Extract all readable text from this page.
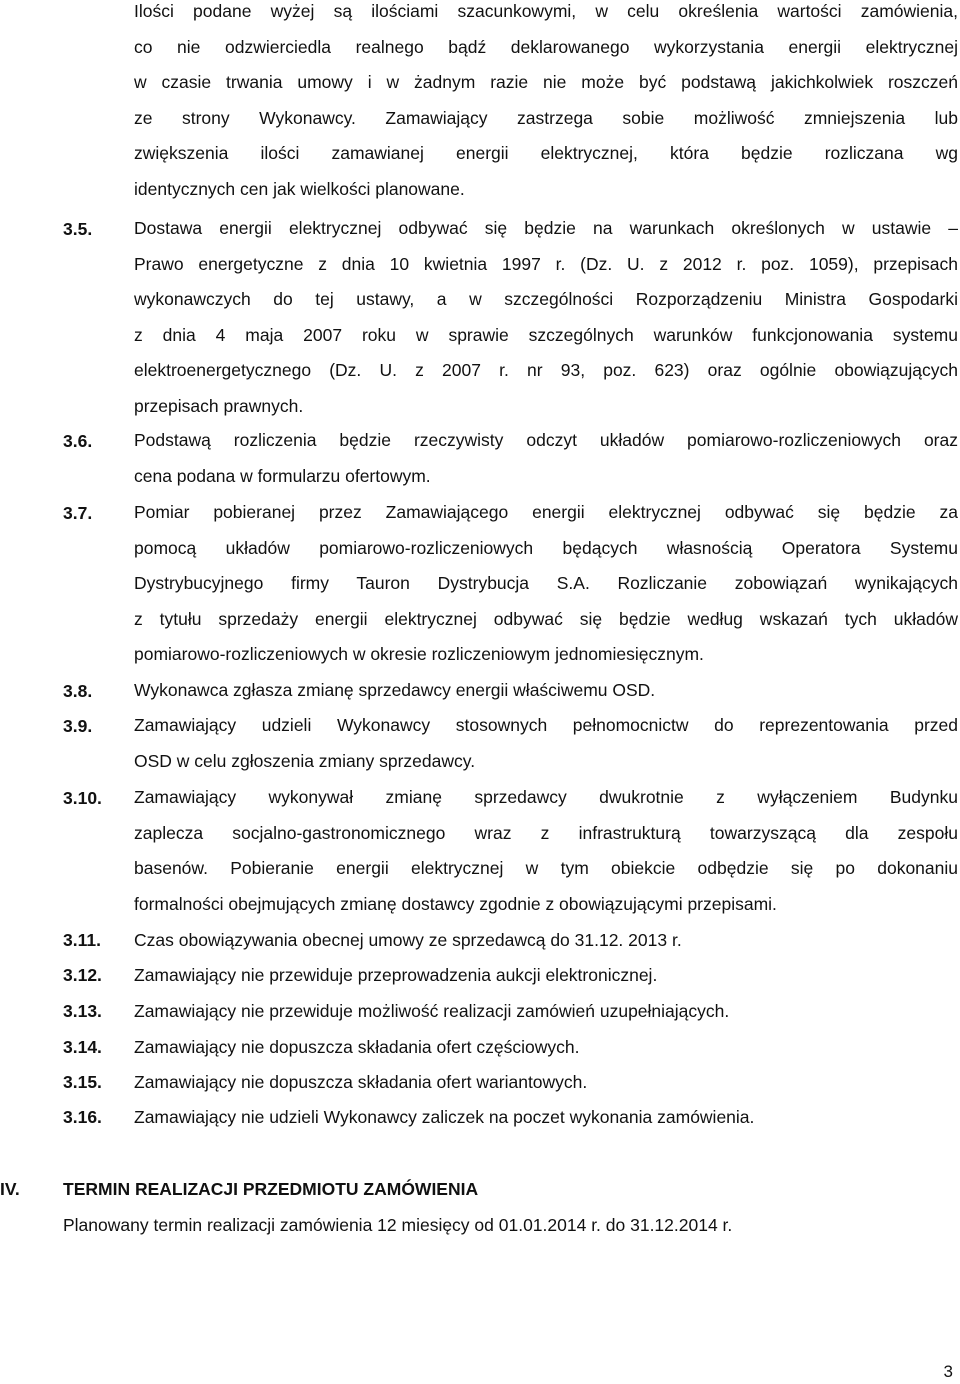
Ilości podane wyżej są ilościami szacunkowymi, w celu określenia wartości zamówienia,
co nie odzwierciedla realnego bądź deklarowanego wykorzystania energii elektrycznej
w czasie trwania umowy i w żadnym razie nie może być podstawą jakichkolwiek roszczeń
ze strony Wykonawcy. Zamawiający zastrzega sobie możliwość zmniejszenia lub
zwiększenia ilości zamawianej energii elektrycznej, która będzie rozliczana wg
identycznych cen jak wielkości planowane.
3.5. Dostawa energii elektrycznej odbywać się będzie na warunkach określonych w ustawie –
Prawo energetyczne z dnia 10 kwietnia 1997 r. (Dz. U. z 2012 r. poz. 1059), przepisach
wykonawczych do tej ustawy, a w szczególności Rozporządzeniu Ministra Gospodarki
z dnia 4 maja 2007 roku w sprawie szczególnych warunków funkcjonowania systemu
elektroenergetycznego (Dz. U. z 2007 r. nr 93, poz. 623) oraz ogólnie obowiązujących
przepisach prawnych.
3.6. Podstawą rozliczenia będzie rzeczywisty odczyt układów pomiarowo-rozliczeniowych oraz
cena podana w formularzu ofertowym.
3.7. Pomiar pobieranej przez Zamawiającego energii elektrycznej odbywać się będzie za
pomocą układów pomiarowo-rozliczeniowych będących własnością Operatora Systemu
Dystrybucyjnego firmy Tauron Dystrybucja S.A. Rozliczanie zobowiązań wynikających
z tytułu sprzedaży energii elektrycznej odbywać się będzie według wskazań tych układów
pomiarowo-rozliczeniowych w okresie rozliczeniowym jednomiesięcznym.
3.8. Wykonawca zgłasza zmianę sprzedawcy energii właściwemu OSD.
3.9. Zamawiający udzieli Wykonawcy stosownych pełnomocnictw do reprezentowania przed
OSD w celu zgłoszenia zmiany sprzedawcy.
3.10. Zamawiający wykonywał zmianę sprzedawcy dwukrotnie z wyłączeniem Budynku
zaplecza socjalno-gastronomicznego wraz z infrastrukturą towarzyszącą dla zespołu
basenów. Pobieranie energii elektrycznej w tym obiekcie odbędzie się po dokonaniu
formalności obejmujących zmianę dostawcy zgodnie z obowiązującymi przepisami.
3.11. Czas obowiązywania obecnej umowy ze sprzedawcą do 31.12. 2013 r.
3.12. Zamawiający nie przewiduje przeprowadzenia aukcji elektronicznej.
3.13. Zamawiający nie przewiduje możliwość realizacji zamówień uzupełniających.
3.14. Zamawiający nie dopuszcza składania ofert częściowych.
3.15. Zamawiający nie dopuszcza składania ofert wariantowych.
3.16. Zamawiający nie udzieli Wykonawcy zaliczek na poczet wykonania zamówienia.
IV. TERMIN REALIZACJI PRZEDMIOTU ZAMÓWIENIA
Planowany termin realizacji zamówienia 12 miesięcy od 01.01.2014 r. do 31.12.2014 r.
3
